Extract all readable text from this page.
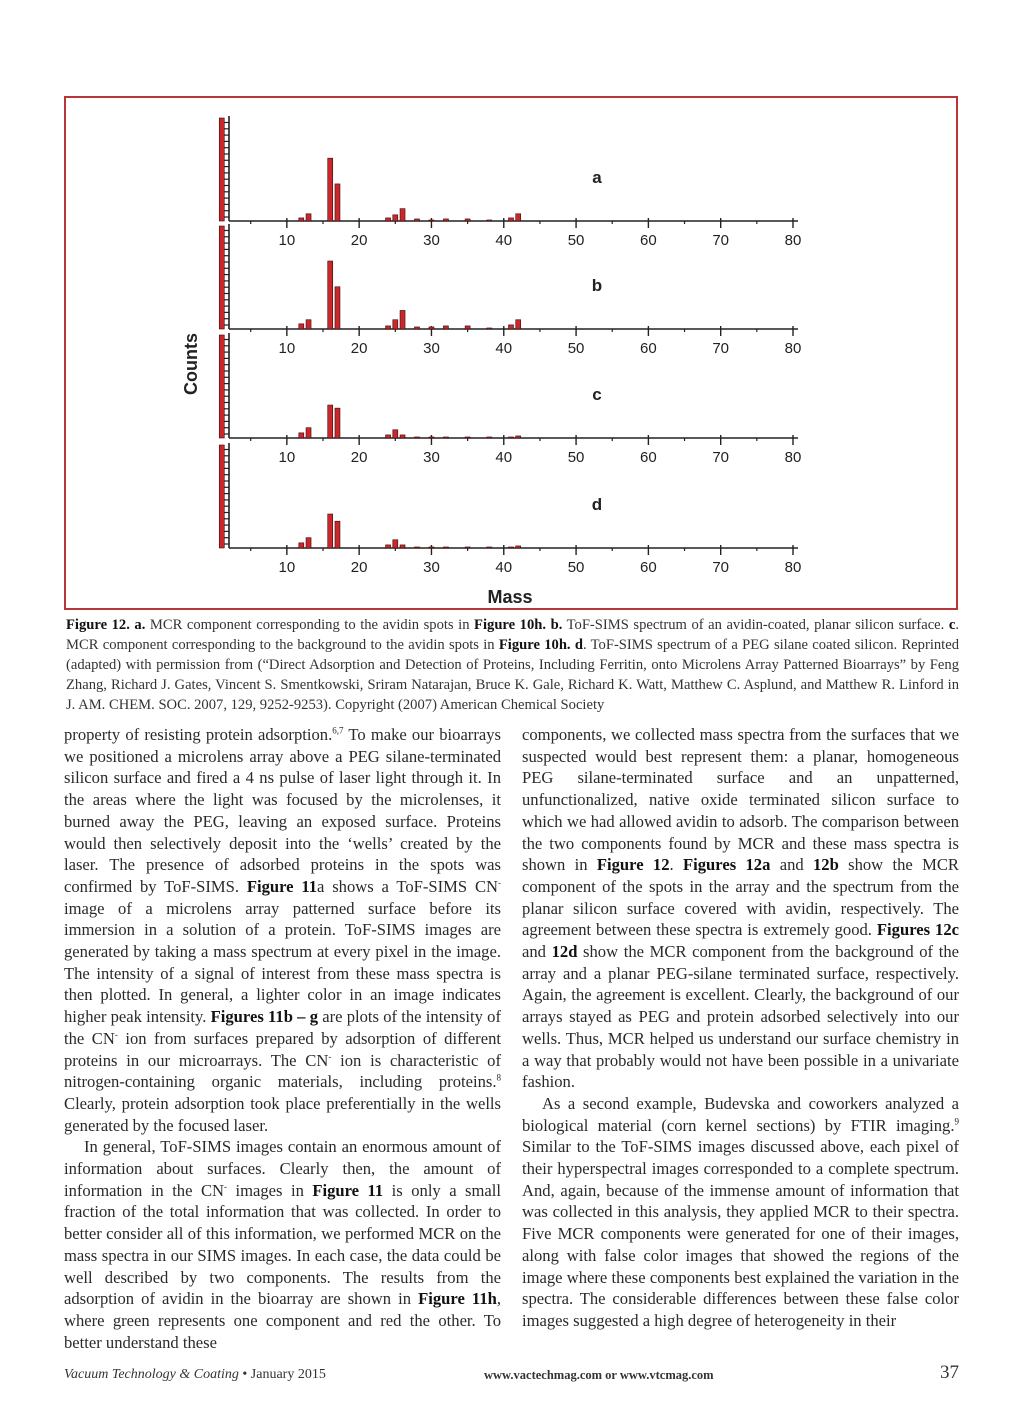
10	20	30	40	50	60	70	80
a
10	20	30	40	50	60	70	80
b
10	20	30	40	50	60	70	80
c
10	20	30	40	50	60	70	80
d
Counts
Mass
Figure 12. a. MCR component corresponding to the avidin spots in Figure 10h. b. ToF-SIMS spectrum of an avidin-coated, planar silicon surface. c. MCR component corresponding to the background to the avidin spots in Figure 10h. d. ToF-SIMS spectrum of a PEG silane coated silicon. Reprinted (adapted) with permission from (“Direct Adsorption and Detection of Proteins, Including Ferritin, onto Microlens Array Patterned Bioarrays” by Feng Zhang, Richard J. Gates, Vincent S. Smentkowski, Sriram Natarajan, Bruce K. Gale, Richard K. Watt, Matthew C. Asplund, and Matthew R. Linford in J. AM. CHEM. SOC. 2007, 129, 9252-9253). Copyright (2007) American Chemical Society

property of resisting protein adsorption.$^{6,7}$ To make our bioarrays we positioned a microlens array above a PEG silane-terminated silicon surface and fired a 4 ns pulse of laser light through it. In the areas where the light was focused by the microlenses, it burned away the PEG, leaving an exposed surface. Proteins would then selectively deposit into the ‘wells’ created by the laser. The presence of adsorbed proteins in the spots was confirmed by ToF-SIMS. Figure 11a shows a ToF-SIMS CN- image of a microlens array patterned surface before its immersion in a solution of a protein. ToF-SIMS images are generated by taking a mass spectrum at every pixel in the image. The intensity of a signal of interest from these mass spectra is then plotted. In general, a lighter color in an image indicates higher peak intensity. Figures 11b – g are plots of the intensity of the CN- ion from surfaces prepared by adsorption of different proteins in our microarrays. The CN- ion is characteristic of nitrogen-containing organic materials, including proteins.$^8$ Clearly, protein adsorption took place preferentially in the wells generated by the focused laser.

In general, ToF-SIMS images contain an enormous amount of information about surfaces. Clearly then, the amount of information in the CN- images in Figure 11 is only a small fraction of the total information that was collected. In order to better consider all of this information, we performed MCR on the mass spectra in our SIMS images. In each case, the data could be well described by two components. The results from the adsorption of avidin in the bioarray are shown in Figure 11h, where green represents one component and red the other. To better understand these

components, we collected mass spectra from the surfaces that we suspected would best represent them: a planar, homogeneous PEG silane-terminated surface and an unpatterned, unfunctionalized, native oxide terminated silicon surface to which we had allowed avidin to adsorb. The comparison between the two components found by MCR and these mass spectra is shown in Figure 12. Figures 12a and 12b show the MCR component of the spots in the array and the spectrum from the planar silicon surface covered with avidin, respectively. The agreement between these spectra is extremely good. Figures 12c and 12d show the MCR component from the background of the array and a planar PEG-silane terminated surface, respectively. Again, the agreement is excellent. Clearly, the background of our arrays stayed as PEG and protein adsorbed selectively into our wells. Thus, MCR helped us understand our surface chemistry in a way that probably would not have been possible in a univariate fashion.

As a second example, Budevska and coworkers analyzed a biological material (corn kernel sections) by FTIR imaging.$^9$ Similar to the ToF-SIMS images discussed above, each pixel of their hyperspectral images corresponded to a complete spectrum. And, again, because of the immense amount of information that was collected in this analysis, they applied MCR to their spectra. Five MCR components were generated for one of their images, along with false color images that showed the regions of the image where these components best explained the variation in the spectra. The considerable differences between these false color images suggested a high degree of heterogeneity in their

Vacuum Technology & Coating • January 2015	www.vactechmag.com or www.vtcmag.com	37
